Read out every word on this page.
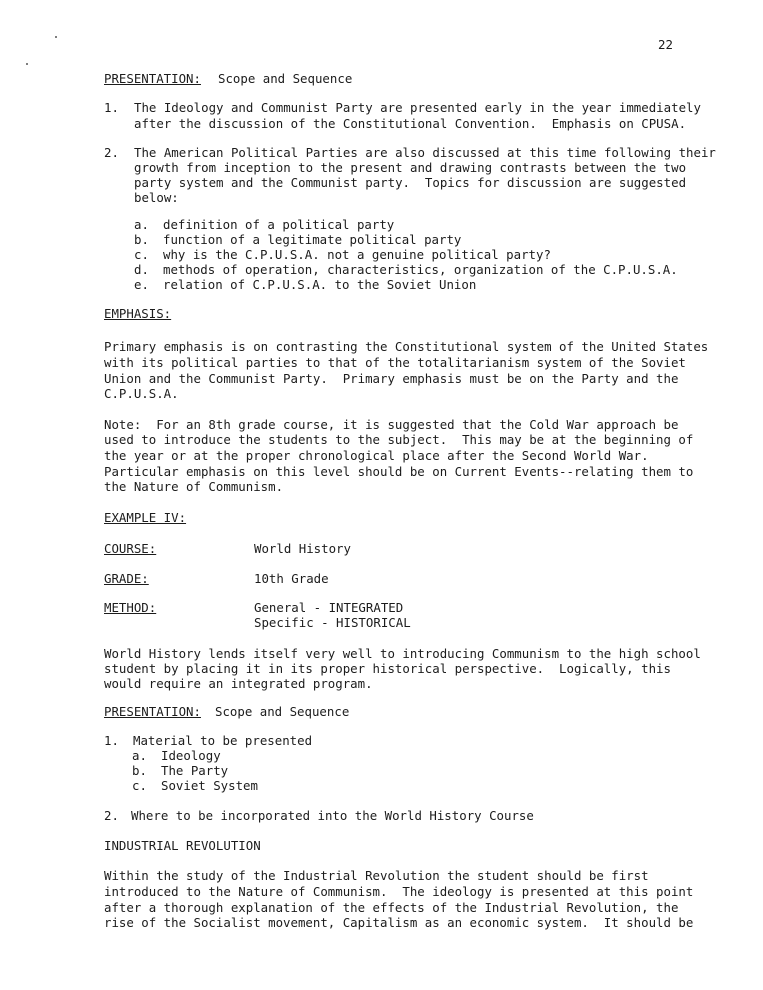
22
PRESENTATION: Scope and Sequence
1. The Ideology and Communist Party are presented early in the year immediately
after the discussion of the Constitutional Convention.  Emphasis on CPUSA.
2. The American Political Parties are also discussed at this time following their
growth from inception to the present and drawing contrasts between the two
party system and the Communist party.  Topics for discussion are suggested
below:
a. definition of a political party
b. function of a legitimate political party
c. why is the C.P.U.S.A. not a genuine political party?
d. methods of operation, characteristics, organization of the C.P.U.S.A.
e. relation of C.P.U.S.A. to the Soviet Union
EMPHASIS:
Primary emphasis is on contrasting the Constitutional system of the United States
with its political parties to that of the totalitarianism system of the Soviet
Union and the Communist Party.  Primary emphasis must be on the Party and the
C.P.U.S.A.
Note:  For an 8th grade course, it is suggested that the Cold War approach be
used to introduce the students to the subject.  This may be at the beginning of
the year or at the proper chronological place after the Second World War.
Particular emphasis on this level should be on Current Events--relating them to
the Nature of Communism.
EXAMPLE IV:
COURSE:	World History
GRADE:	10th Grade
METHOD:	General - INTEGRATED
Specific - HISTORICAL
World History lends itself very well to introducing Communism to the high school
student by placing it in its proper historical perspective.  Logically, this
would require an integrated program.
PRESENTATION: Scope and Sequence
1. Material to be presented
a. Ideology
b. The Party
c. Soviet System
2. Where to be incorporated into the World History Course
INDUSTRIAL REVOLUTION
Within the study of the Industrial Revolution the student should be first
introduced to the Nature of Communism.  The ideology is presented at this point
after a thorough explanation of the effects of the Industrial Revolution, the
rise of the Socialist movement, Capitalism as an economic system.  It should be
